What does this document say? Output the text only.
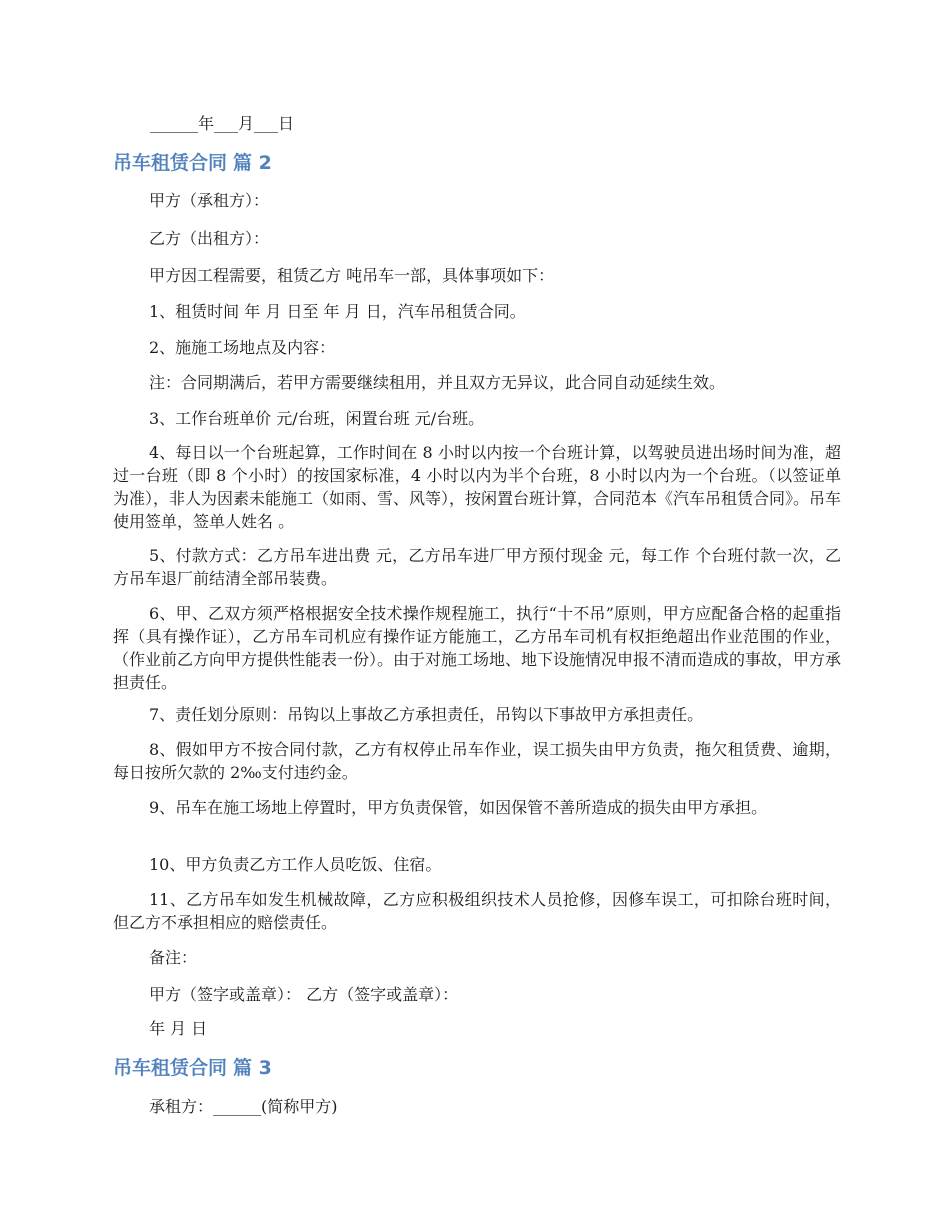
______年___月___日
吊车租赁合同 篇 2

甲方（承租方）：

乙方（出租方）：

甲方因工程需要，租赁乙方 吨吊车一部，具体事项如下：

1、租赁时间 年 月 日至 年 月 日，汽车吊租赁合同。

2、施施工场地点及内容：

注：合同期满后，若甲方需要继续租用，并且双方无异议，此合同自动延续生效。

3、工作台班单价 元/台班，闲置台班 元/台班。

4、每日以一个台班起算，工作时间在 8 小时以内按一个台班计算，以驾驶员进出场时间为准，超过一台班（即 8 个小时）的按国家标准，4 小时以内为半个台班，8 小时以内为一个台班。（以签证单为准），非人为因素未能施工（如雨、雪、风等），按闲置台班计算，合同范本《汽车吊租赁合同》。吊车使用签单，签单人姓名 。

5、付款方式：乙方吊车进出费 元，乙方吊车进厂甲方预付现金 元，每工作 个台班付款一次，乙方吊车退厂前结清全部吊装费。

6、甲、乙双方须严格根据安全技术操作规程施工，执行“十不吊”原则，甲方应配备合格的起重指挥（具有操作证），乙方吊车司机应有操作证方能施工，乙方吊车司机有权拒绝超出作业范围的作业，（作业前乙方向甲方提供性能表一份）。由于对施工场地、地下设施情况申报不清而造成的事故，甲方承担责任。

7、责任划分原则：吊钩以上事故乙方承担责任，吊钩以下事故甲方承担责任。

8、假如甲方不按合同付款，乙方有权停止吊车作业，误工损失由甲方负责，拖欠租赁费、逾期，每日按所欠款的 2‰支付违约金。

9、吊车在施工场地上停置时，甲方负责保管，如因保管不善所造成的损失由甲方承担。

10、甲方负责乙方工作人员吃饭、住宿。

11、乙方吊车如发生机械故障，乙方应积极组织技术人员抢修，因修车误工，可扣除台班时间，但乙方不承担相应的赔偿责任。

备注：

甲方（签字或盖章）： 乙方（签字或盖章）：

年 月 日

吊车租赁合同 篇 3

承租方：______(简称甲方)
